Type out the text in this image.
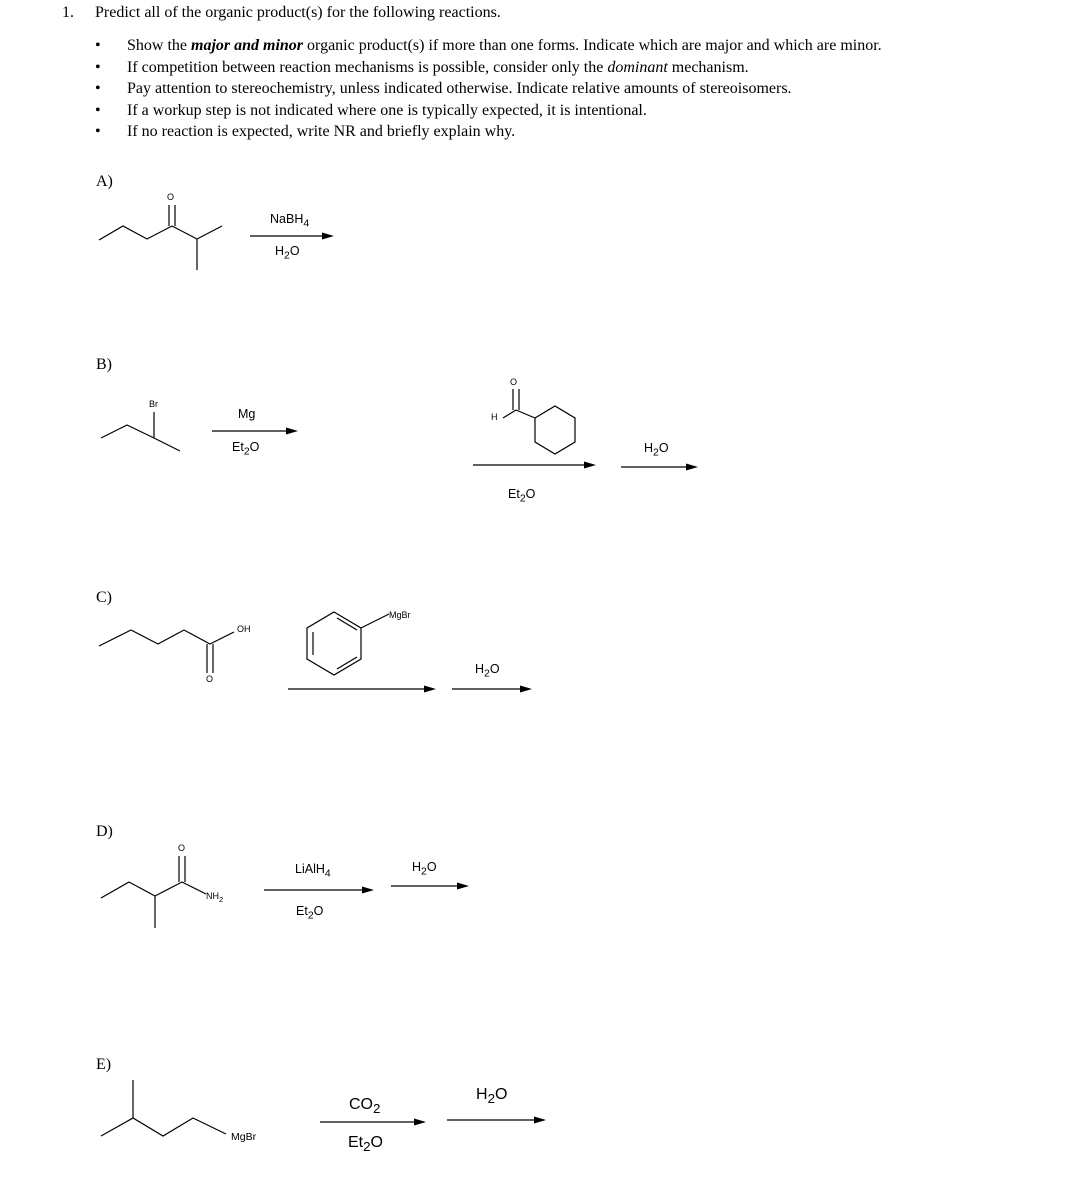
1. Predict all of the organic product(s) for the following reactions.
• Show the major and minor organic product(s) if more than one forms. Indicate which are major and which are minor.
• If competition between reaction mechanisms is possible, consider only the dominant mechanism.
• Pay attention to stereochemistry, unless indicated otherwise. Indicate relative amounts of stereoisomers.
• If a workup step is not indicated where one is typically expected, it is intentional.
• If no reaction is expected, write NR and briefly explain why.
A)
O
NaBH$_4$
$H_2O$
B)
Br
Mg
$Et_2O$
O
H
$Et_2O$
$H_2O$
C)
OH
O
MgBr
$H_2O$
D)
O
$NH_2$
LiAlH$_4$
$Et_2O$
$H_2O$
E)
MgBr
$CO_2$
$Et_2O$
$H_2O$
